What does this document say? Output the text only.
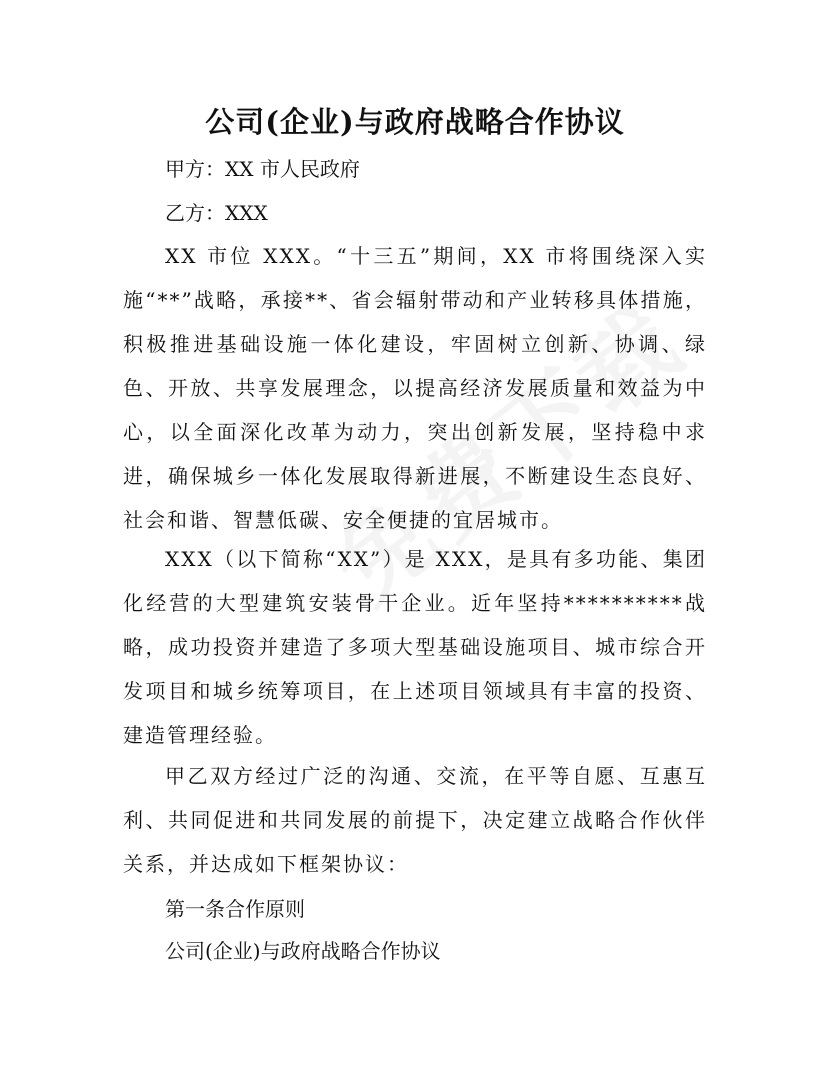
公司(企业)与政府战略合作协议
甲方：XX 市人民政府
乙方：XXX

XX 市位 XXX。“十三五”期间，XX 市将围绕深入实施“**”战略，承接**、省会辐射带动和产业转移具体措施，积极推进基础设施一体化建设，牢固树立创新、协调、绿色、开放、共享发展理念，以提高经济发展质量和效益为中心，以全面深化改革为动力，突出创新发展，坚持稳中求进，确保城乡一体化发展取得新进展，不断建设生态良好、社会和谐、智慧低碳、安全便捷的宜居城市。

XXX（以下简称“XX”）是 XXX，是具有多功能、集团化经营的大型建筑安装骨干企业。近年坚持**********战略，成功投资并建造了多项大型基础设施项目、城市综合开发项目和城乡统筹项目，在上述项目领域具有丰富的投资、建造管理经验。

甲乙双方经过广泛的沟通、交流，在平等自愿、互惠互利、共同促进和共同发展的前提下，决定建立战略合作伙伴关系，并达成如下框架协议：

第一条合作原则
公司(企业)与政府战略合作协议
